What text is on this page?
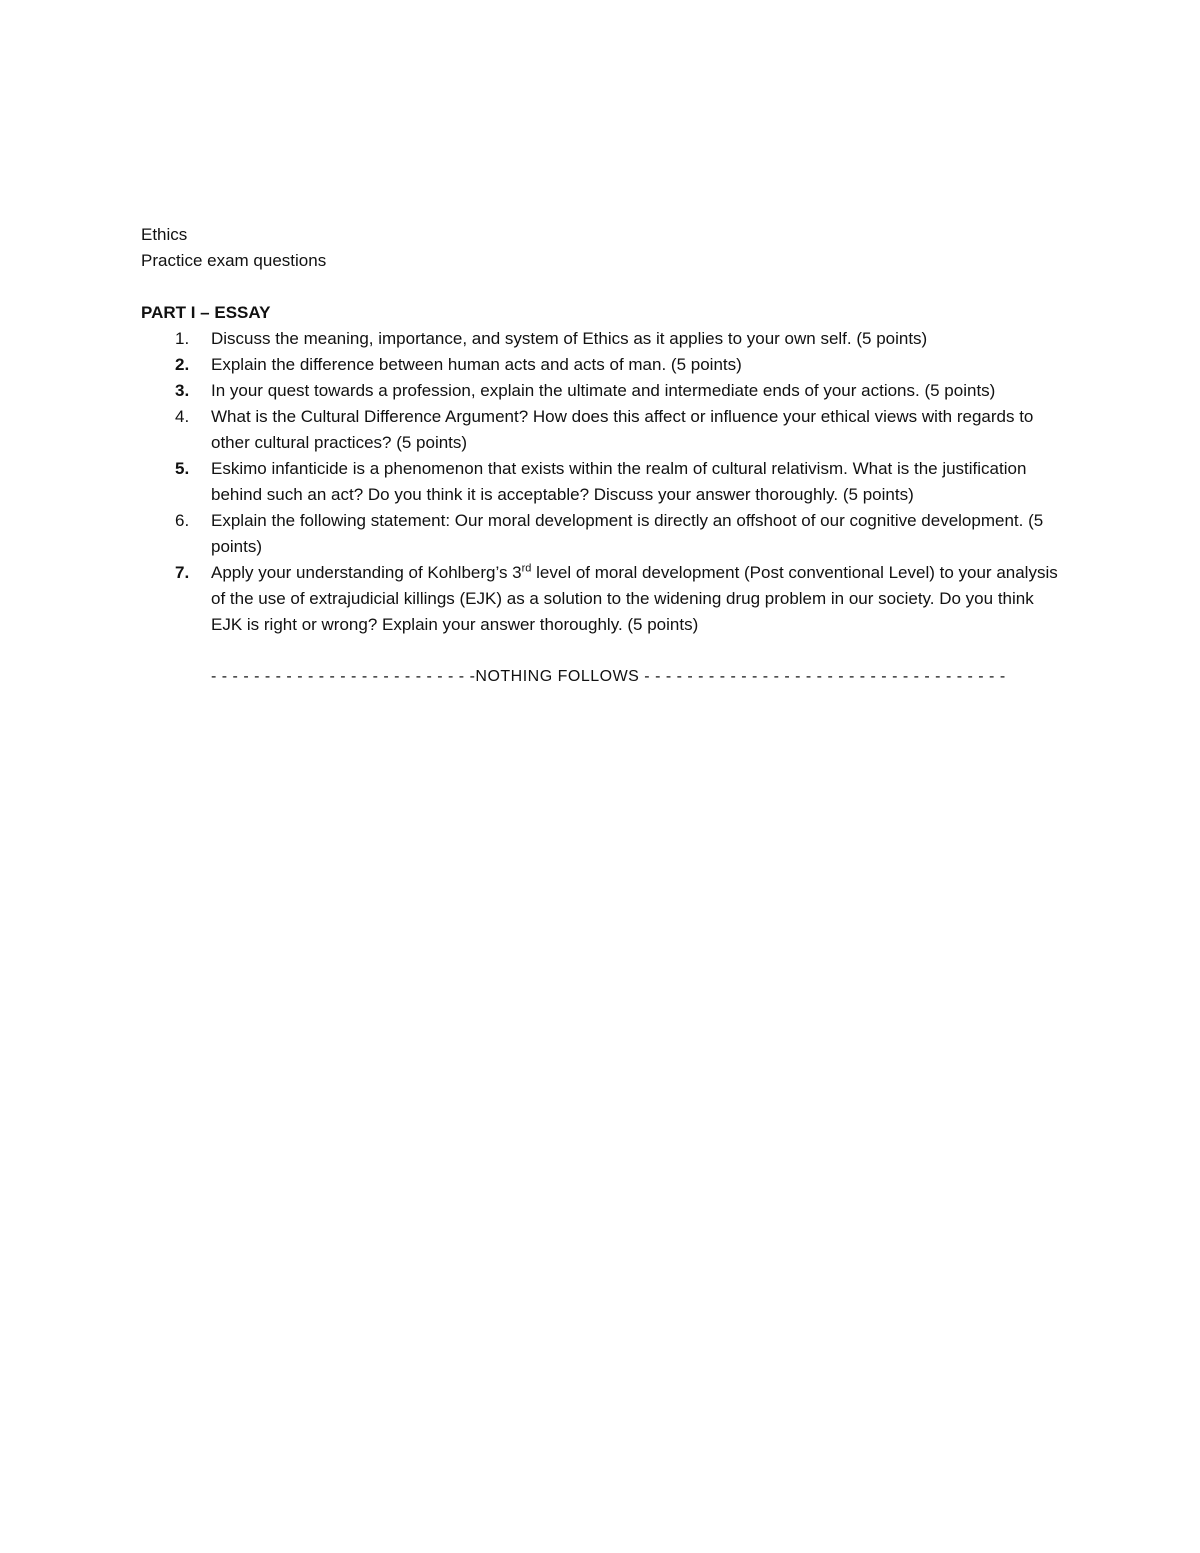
Ethics
Practice exam questions
PART I – ESSAY
1. Discuss the meaning, importance, and system of Ethics as it applies to your own self. (5 points)
2. Explain the difference between human acts and acts of man. (5 points)
3. In your quest towards a profession, explain the ultimate and intermediate ends of your actions. (5 points)
4. What is the Cultural Difference Argument? How does this affect or influence your ethical views with regards to other cultural practices? (5 points)
5. Eskimo infanticide is a phenomenon that exists within the realm of cultural relativism. What is the justification behind such an act? Do you think it is acceptable? Discuss your answer thoroughly. (5 points)
6. Explain the following statement: Our moral development is directly an offshoot of our cognitive development. (5 points)
7. Apply your understanding of Kohlberg’s 3rd level of moral development (Post conventional Level) to your analysis of the use of extrajudicial killings (EJK) as a solution to the widening drug problem in our society. Do you think EJK is right or wrong? Explain your answer thoroughly. (5 points)
- - - - - - - - - - - - - - - - - - - - - - - - -NOTHING FOLLOWS - - - - - - - - - - - - - - - - - - - - - - - - - - - - - - - - - -
